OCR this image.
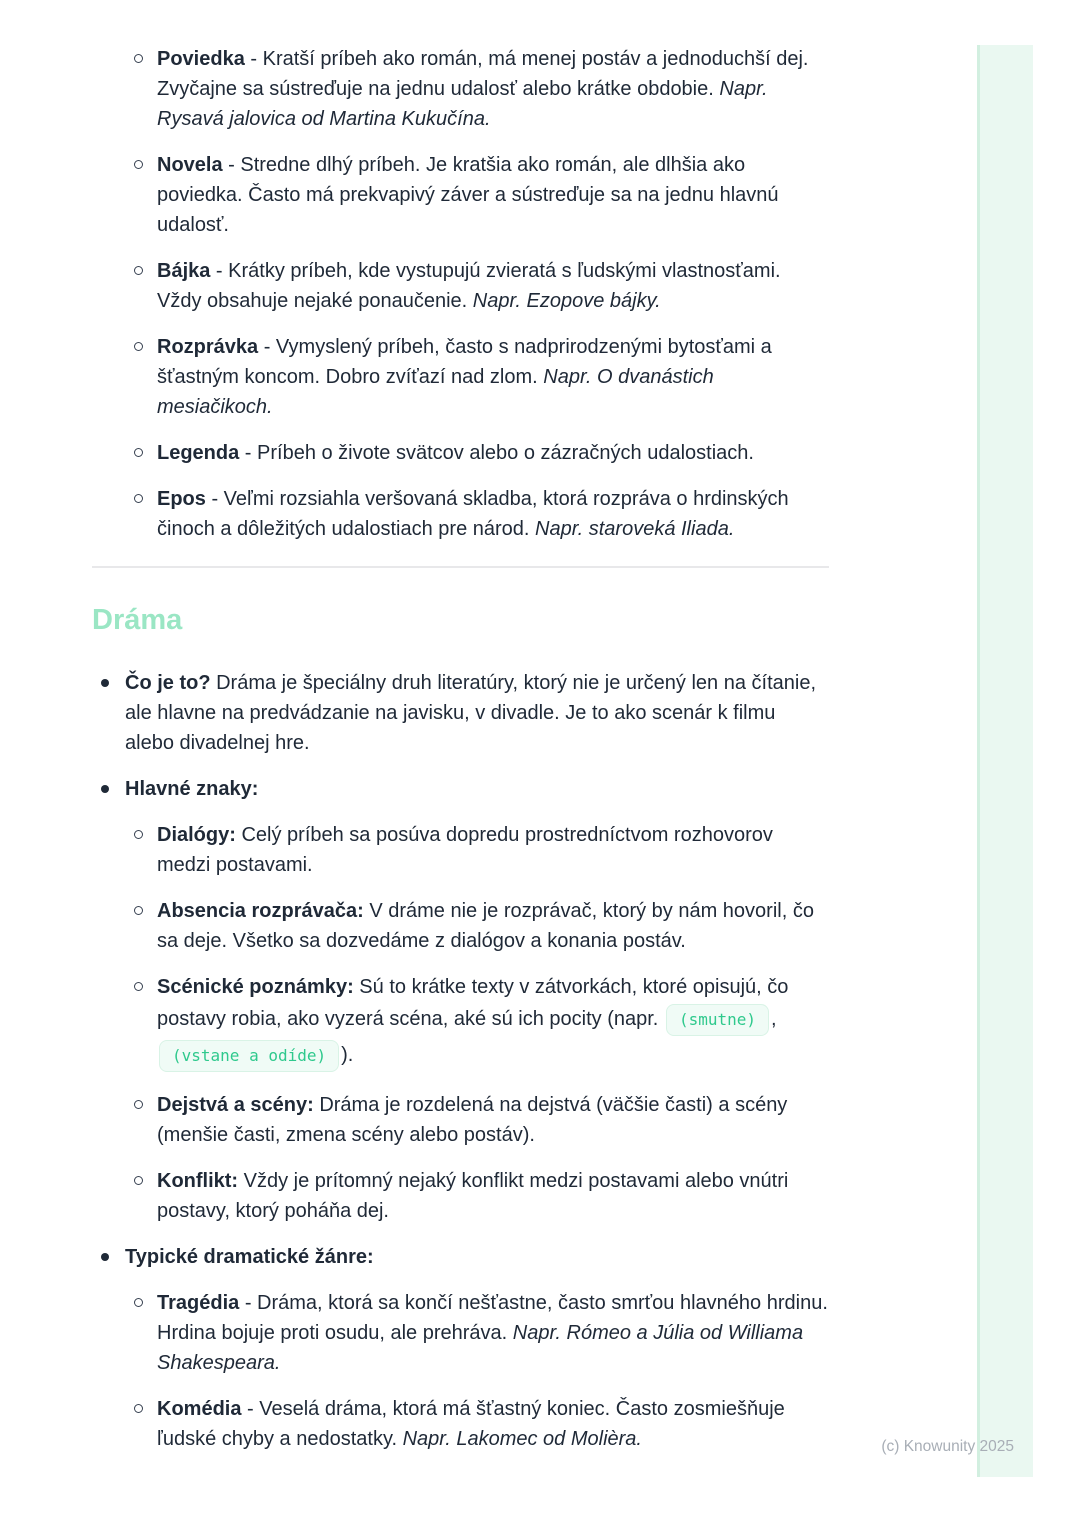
Poviedka - Kratší príbeh ako román, má menej postáv a jednoduchší dej. Zvyčajne sa sústreďuje na jednu udalosť alebo krátke obdobie. Napr. Rysavá jalovica od Martina Kukučína.
Novela - Stredne dlhý príbeh. Je kratšia ako román, ale dlhšia ako poviedka. Často má prekvapivý záver a sústreďuje sa na jednu hlavnú udalosť.
Bájka - Krátky príbeh, kde vystupujú zvieratá s ľudskými vlastnosťami. Vždy obsahuje nejaké ponaučenie. Napr. Ezopove bájky.
Rozprávka - Vymyslený príbeh, často s nadprirodzenými bytosťami a šťastným koncom. Dobro zvíťazí nad zlom. Napr. O dvanástich mesiačikoch.
Legenda - Príbeh o živote svätcov alebo o zázračných udalostiach.
Epos - Veľmi rozsiahla veršovaná skladba, ktorá rozpráva o hrdinských činoch a dôležitých udalostiach pre národ. Napr. staroveká Iliada.
Dráma
Čo je to? Dráma je špeciálny druh literatúry, ktorý nie je určený len na čítanie, ale hlavne na predvádzanie na javisku, v divadle. Je to ako scenár k filmu alebo divadelnej hre.
Hlavné znaky:
Dialógy: Celý príbeh sa posúva dopredu prostredníctvom rozhovorov medzi postavami.
Absencia rozprávača: V dráme nie je rozprávač, ktorý by nám hovoril, čo sa deje. Všetko sa dozvedáme z dialógov a konania postáv.
Scénické poznámky: Sú to krátke texty v zátvorkách, ktoré opisujú, čo postavy robia, ako vyzerá scéna, aké sú ich pocity (napr. (smutne) , (vstane a odíde) ).
Dejstvá a scény: Dráma je rozdelená na dejstvá (väčšie časti) a scény (menšie časti, zmena scény alebo postáv).
Konflikt: Vždy je prítomný nejaký konflikt medzi postavami alebo vnútri postavy, ktorý poháňa dej.
Typické dramatické žánre:
Tragédia - Dráma, ktorá sa končí nešťastne, často smrťou hlavného hrdinu. Hrdina bojuje proti osudu, ale prehráva. Napr. Rómeo a Júlia od Williama Shakespeara.
Komédia - Veselá dráma, ktorá má šťastný koniec. Často zosmiešňuje ľudské chyby a nedostatky. Napr. Lakomec od Molièra.	(c) Knowunity 2025
